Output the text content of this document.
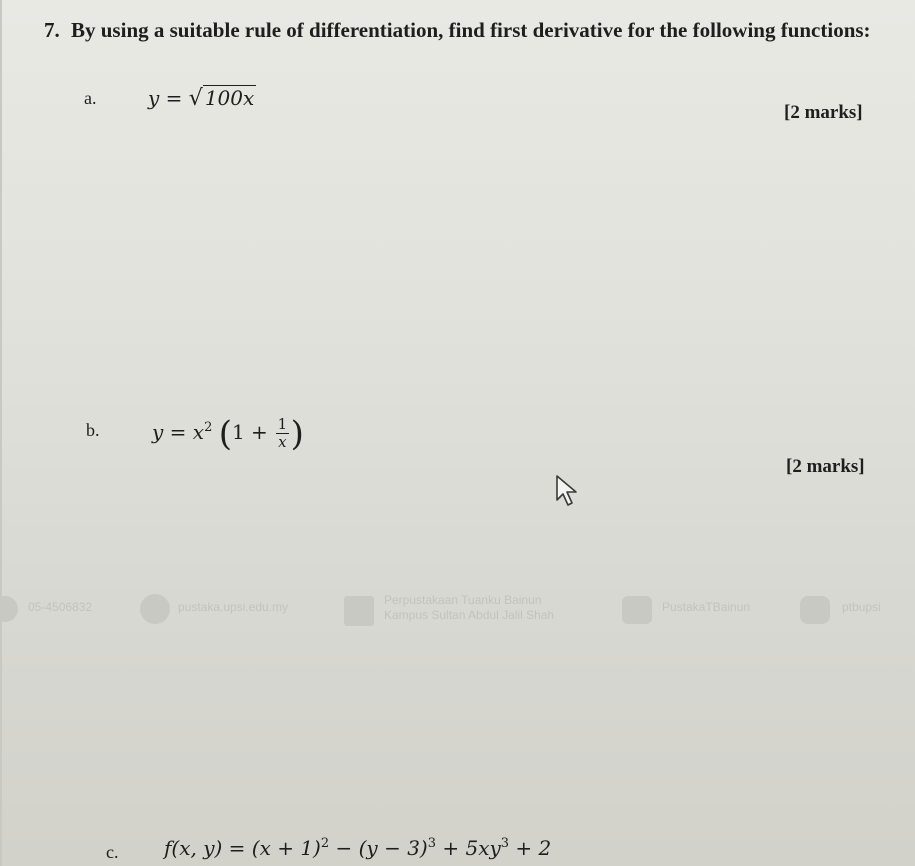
7. By using a suitable rule of differentiation, find first derivative for the following functions:
a.	y = √ 100x
[2 marks]
b.	$y = x^2$ ($1 + \frac{1}{x}$ )
[2 marks]
05-4506832	pustaka.upsi.edu.my	Perpustakaan Tuanku Bainun
Kampus Sultan Abdul Jalil Shah
PustakaTBainun	ptbupsi
c. f(x, $y) = (x + 1)^2 - (y - 3)^3 + 5xy^3 + 2$
